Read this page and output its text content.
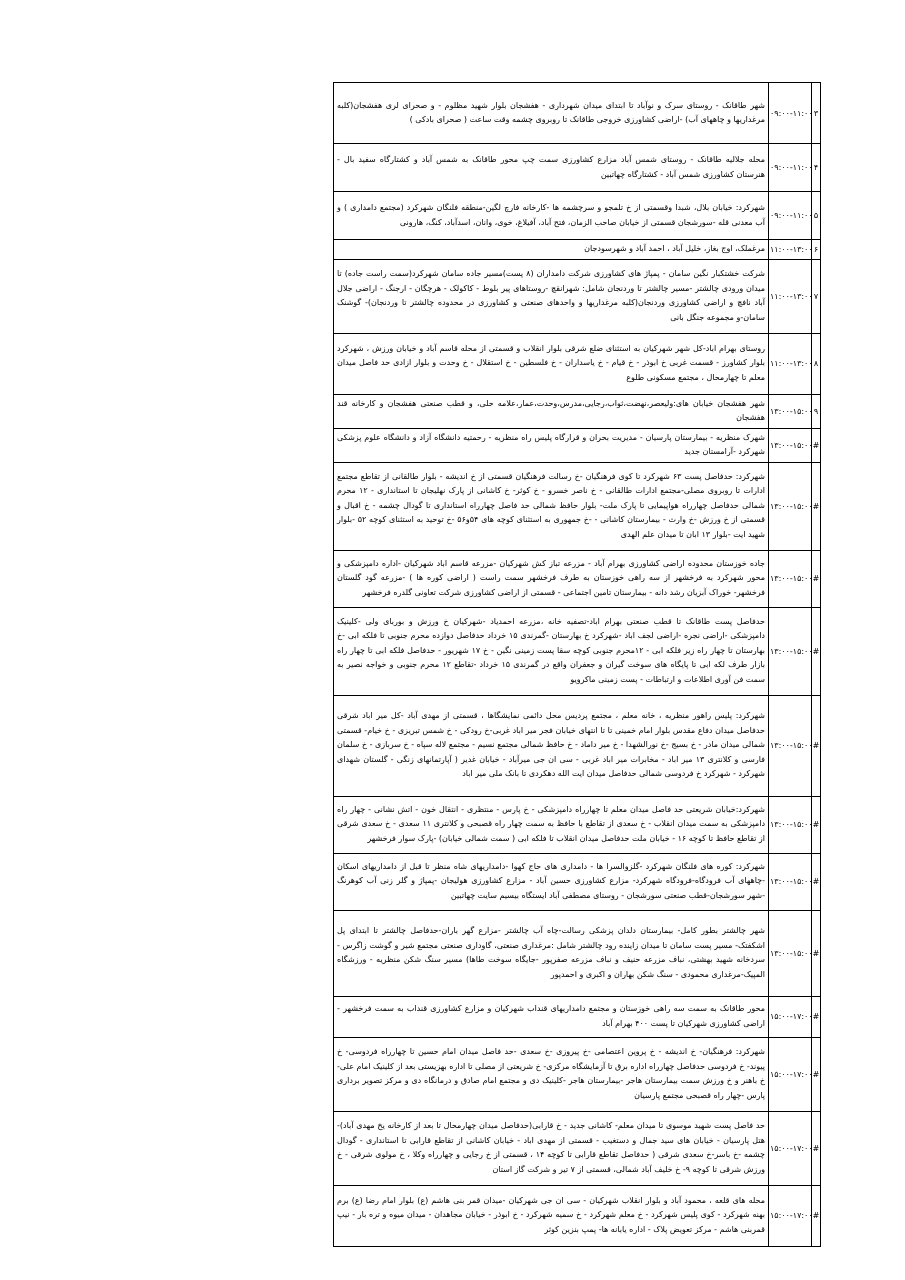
۳	۰۹:۰۰-۱۱:۰۰	شهر طاقانک - روستای سرک و نوآباد تا ابتدای میدان شهرداری - هفشجان بلوار شهید مظلوم - و صحرای لری هفشجان(کلبه مرغداریها و چاههای آب) -اراضی کشاورزی خروجی طاقانک تا روبروی چشمه وقت ساعت ( صحرای بادکی )
۴	۰۹:۰۰-۱۱:۰۰	محله جلالیه طاقانک - روستای شمس آباد مزارع کشاورزی سمت چپ محور طاقانک به شمس آباد و کشتارگاه سفید بال - هنرستان کشاورزی شمس آباد - کشتارگاه چهاتبین
۵	۰۹:۰۰-۱۱:۰۰	شهرکرد: خیابان بلال، شبدا وقسمتی از خ تلمجو و سرچشمه ها -کارخانه فارچ لگین-منطقه فلنگان شهرکرد (مجتمع دامداری ) و آب معدنی قله -سورشجان قسمتی از خیابان صاحب الزمان، فتح آباد، آفیلاغ، خوی، وانان، اسدآباد، کنگ، هارونی
۶	۱۱:۰۰-۱۳:۰۰	مرغملک، اوج بغاز، خلیل آباد ، احمد آباد و شهرسودجان
۷	۱۱:۰۰-۱۳:۰۰	شرکت خشتکبار نگین سامان - پمپاژ های کشاورزی شرکت دامداران (۸ پست)مسیر جاده سامان شهرکرد(سمت راست جاده) تا میدان ورودی چالشتر -مسیر چالشتر تا وردنجان شامل: شهرانقچ -روستاهای پیر بلوط - کاکولک - هرچگان - ارجنگ - اراضی جلال آباد نافچ و اراضی کشاورزی وردنجان(کلبه مرغداریها و واحدهای صنعتی و کشاورزی در محدوده چالشتر تا وردنجان)- گوشنک سامان-و مجموعه جنگل بانی
۸	۱۱:۰۰-۱۳:۰۰	روستای بهرام اباد-کل شهر شهرکیان به استثنای ضلع شرقی بلوار انقلاب و قسمتی از محله قاسم آباد و خیابان ورزش ، شهرکرد بلوار کشاورز - قسمت غربی خ ابوذر - خ قیام - خ یاسداران - خ فلسطین - خ استقلال - خ وحدت و بلوار ازادی حد فاصل میدان معلم تا چهارمحال ، مجتمع مسکونی طلوع
۹	۱۳:۰۰-۱۵:۰۰	شهر هفشجان خیابان های:ولیعصر،نهضت،ثواب،رجایی،مدرس،وحدت،عمار،علامه حلی، و قطب صنعتی هفشجان و کارخانه قند هفشجان
#	۱۳:۰۰-۱۵:۰۰	شهرک منظریه - بیمارستان پارسیان - مدیریت بحران و قرارگاه پلیس راه منظریه - رحمتیه دانشگاه آزاد و دانشگاه علوم پزشکی شهرکرد -آرامستان جدید
#	۱۳:۰۰-۱۵:۰۰	شهرکرد: حدفاصل پست ۶۳ شهرکرد تا کوی فرهنگیان -خ رسالت فرهنگیان قسمتی از خ اندیشه - بلوار طالقانی از تقاطع مجتمع ادارات تا روبروی مصلی-مجتمع ادارات طالقانی - خ ناصر خسرو - خ کوثر- خ کاشانی از پارک نهلیجان تا استانداری - ۱۲ محرم شمالی حدفاصل چهارراه هواپیمایی تا پارک ملت- بلوار حافظ شمالی حد فاصل چهارراه استانداری تا گودال چشمه - خ اقبال و قسمتی از خ ورزش -خ وارث - بیمارستان کاشانی - -خ جمهوری به استثنای کوچه های ۵۴و۵۶ -خ توحید به استثنای کوچه ۵۲ -بلوار شهید ایت -بلوار ۱۳ ابان تا میدان علم الهدی
#	۱۳:۰۰-۱۵:۰۰	جاده خوزستان محدوده اراضی کشاورزی بهرام آباد - مزرعه تباز کش شهرکیان -مزرعه قاسم اباد شهرکیان -اداره دامپزشکی و محور شهرکرد به فرخشهر از سه راهی خوزستان به طرف فرخشهر سمت راست ( اراضی کوره ها ) -مزرعه گود گلستان فرخشهر- خوراک آبزیان رشد دانه - بیمارستان تامین اجتماعی - قسمتی از اراضی کشاورزی شرکت تعاونی گلدره فرخشهر
#	۱۳:۰۰-۱۵:۰۰	حدفاصل پست طاقانک تا قطب صنعتی بهرام اباد-تصفیه خانه ،مزرعه احمدیاد -شهرکیان خ ورزش و بوربای ولی -کلینیک دامپزشکی -اراضی نجره -اراضی لجف اباد -شهرکرد خ بهارستان -گمرندی ۱۵ خرداد حدفاصل دوازده محرم جنوبی تا فلکه ابی -خ بهارستان تا چهار راه زیر فلکه ابی - ۱۲محرم جنوبی کوچه سقا پست زمینی نگین - خ ۱۷ شهریور - حدفاصل فلکه ابی تا چهار راه بازار طرف لکه ابی تا پایگاه های سوخت گیران و جعفران واقع در گمرندی ۱۵ خرداد -تقاطع ۱۲ محرم جنوبی و خواجه نصیر به سمت فن آوری اطلاعات و ارتباطات - پست زمینی ماکرویو
#	۱۳:۰۰-۱۵:۰۰	شهرکرد: پلیس راهور منظریه ، خانه معلم ، مجتمع پردیس محل دائمی نمایشگاها ، قسمتی از مهدی آباد -کل میر اباد شرقی حدفاصل میدان دفاع مقدس بلوار امام خمینی تا تا انتهای خیابان فجر میر اباد غربی-خ رودکی - خ شمس تبریزی - خ خیام- قسمتی شمالی میدان مادر - خ بسیج -خ نورالشهدا - خ میر داماد - خ حافظ شمالی مجتمع نسیم - مجتمع لاله سپاه - خ سربازی - خ سلمان فارسی و کلانتری ۱۳ میر اباد - مخابرات میر اباد غربی - سی ان جی میرآباد - خیابان غدیر ( آپارتمانهای زنگی - گلستان شهدای شهرکرد - شهرکرد خ فردوسی شمالی حدفاصل میدان ایت الله دهکردی تا بانک ملی میر اباد
#	۱۳:۰۰-۱۵:۰۰	شهرکرد:خیابان شریعتی حد فاصل میدان معلم تا چهارراه دامپزشکی - خ پارس - منتظری - انتقال خون - اتش نشانی - چهار راه دامپزشکی به سمت میدان انقلاب - خ سعدی از تقاطع با حافظ به سمت چهار راه قصبحی و کلانتری ۱۱ سعدی - خ سعدی شرقی از تقاطع حافظ تا کوچه ۱۶ - خیابان ملت حدفاصل میدان انقلاب تا فلکه ابی ( سمت شمالی خیابان) -پارک سوار فرخشهر
#	۱۳:۰۰-۱۵:۰۰	شهرکرد: کوره های فلنگان شهرکرد -گلزوالسرا ها - دامداری های حاج کهوا -دامداریهای شاه منظر تا قبل از دامداریهای اسکان -چاههای آب فرودگاه-فرودگاه شهرکرد- مزارع کشاورزی حسین آباد - مزارع کشاورزی هولیجان -پمپاژ و گلر زنی آب کوهرنگ -شهر سورشجان-قطب صنعتی سورشجان - روستای مصطفی آباد ایستگاه بیسیم سایت چهاتبین
#	۱۳:۰۰-۱۵:۰۰	شهر چالشتر بطور کامل- بیمارستان دلدان پزشکی رسالت-چاه آب چالشتر -مزارع گهر باران-حدفاصل چالشتر تا ابتدای پل اشکفتک- مسیر پست سامان تا میدان زاینده رود چالشتر شامل :مرغداری صنعتی، گاوداری صنعتی مجتمع شیر و گوشت زاگرس - سردخانه شهید بهشتی، نباف مزرعه حنیف و نباف مزرعه صفرپور -جایگاه سوخت طاها) مسیر سنگ شکن منظریه - ورزشگاه المپیک-مرغداری محمودی - سنگ شکن بهاران و اکبری و احمدپور
#	۱۵:۰۰-۱۷:۰۰	محور طاقانک به سمت سه راهی خوزستان و مجتمع دامداریهای قنداب شهرکیان و مزارع کشاورزی قنداب به سمت فرخشهر - اراضی کشاورزی شهرکیان تا پست ۴۰۰ بهرام آباد
#	۱۵:۰۰-۱۷:۰۰	شهرکرد: فرهنگیان- خ اندیشه - خ پروین اعتصامی -خ پیروزی -خ سعدی -حد فاصل میدان امام حسین تا چهارراه فردوسی- خ پیوند- خ فردوسی حدفاصل چهارراه اداره برق تا آزمایشگاه مرکزی- خ شریعتی از مصلی تا اداره بهزیستی بعد از کلینیک امام علی- خ باهنر و خ ورزش سمت بیمارستان هاجر -بیمارستان هاجر -کلینیک دی و مجتمع امام صادق و درمانگاه دی و مرکز تصویر برداری پارس -چهار راه قصبحی مجتمع پارسیان
#	۱۵:۰۰-۱۷:۰۰	حد فاصل پست شهید موسوی تا میدان معلم- کاشانی جدید - خ قارابی(حدفاصل میدان چهارمحال تا بعد از کارخانه یخ مهدی آباد)-هتل پارسیان - خیابان های سید جمال و دستغیب - قسمتی از مهدی اباد - خیابان کاشانی از تقاطع قارابی تا استانداری - گودال چشمه -خ باسر-خ سعدی شرقی ( حدفاصل تقاطع قارابی تا کوچه ۱۴ ، قسمتی از خ رجایی و چهارراه وکلا ، خ مولوی شرقی - خ ورزش شرقی تا کوچه ۹- خ خلیف آباد شمالی، قسمتی از ۷ تیر و شرکت گاز استان
#	۱۵:۰۰-۱۷:۰۰	محله های قلعه ، محمود آباد و بلوار انقلاب شهرکیان - سی ان جی شهرکیان -میدان قمر بنی هاشم (ع) بلوار امام رضا (ع) برم بهنه شهرکرد - کوی پلیس شهرکرد - خ معلم شهرکرد - خ سمیه شهرکرد - خ ابوذر - خیابان مجاهدان - میدان میوه و تره بار - نیپ قمربنی هاشم - مرکز تعویض پلاک - اداره یابانه ها- پمپ بنزین کوثر
